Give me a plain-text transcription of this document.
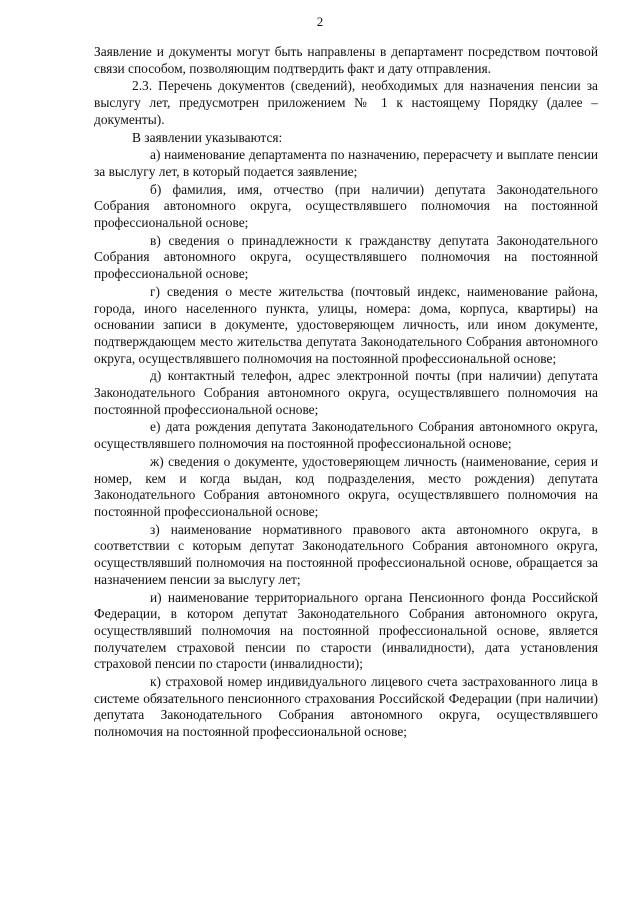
2

Заявление и документы могут быть направлены в департамент посредством почтовой связи способом, позволяющим подтвердить факт и дату отправления.

2.3. Перечень документов (сведений), необходимых для назначения пенсии за выслугу лет, предусмотрен приложением № 1 к настоящему Порядку (далее – документы).

В заявлении указываются:

а) наименование департамента по назначению, перерасчету и выплате пенсии за выслугу лет, в который подается заявление;

б) фамилия, имя, отчество (при наличии) депутата Законодательного Собрания автономного округа, осуществлявшего полномочия на постоянной профессиональной основе;

в) сведения о принадлежности к гражданству депутата Законодательного Собрания автономного округа, осуществлявшего полномочия на постоянной профессиональной основе;

г) сведения о месте жительства (почтовый индекс, наименование района, города, иного населенного пункта, улицы, номера: дома, корпуса, квартиры) на основании записи в документе, удостоверяющем личность, или ином документе, подтверждающем место жительства депутата Законодательного Собрания автономного округа, осуществлявшего полномочия на постоянной профессиональной основе;

д) контактный телефон, адрес электронной почты (при наличии) депутата Законодательного Собрания автономного округа, осуществлявшего полномочия на постоянной профессиональной основе;

е) дата рождения депутата Законодательного Собрания автономного округа, осуществлявшего полномочия на постоянной профессиональной основе;

ж) сведения о документе, удостоверяющем личность (наименование, серия и номер, кем и когда выдан, код подразделения, место рождения) депутата Законодательного Собрания автономного округа, осуществлявшего полномочия на постоянной профессиональной основе;

з) наименование нормативного правового акта автономного округа, в соответствии с которым депутат Законодательного Собрания автономного округа, осуществлявший полномочия на постоянной профессиональной основе, обращается за назначением пенсии за выслугу лет;

и) наименование территориального органа Пенсионного фонда Российской Федерации, в котором депутат Законодательного Собрания автономного округа, осуществлявший полномочия на постоянной профессиональной основе, является получателем страховой пенсии по старости (инвалидности), дата установления страховой пенсии по старости (инвалидности);

к) страховой номер индивидуального лицевого счета застрахованного лица в системе обязательного пенсионного страхования Российской Федерации (при наличии) депутата Законодательного Собрания автономного округа, осуществлявшего полномочия на постоянной профессиональной основе;
